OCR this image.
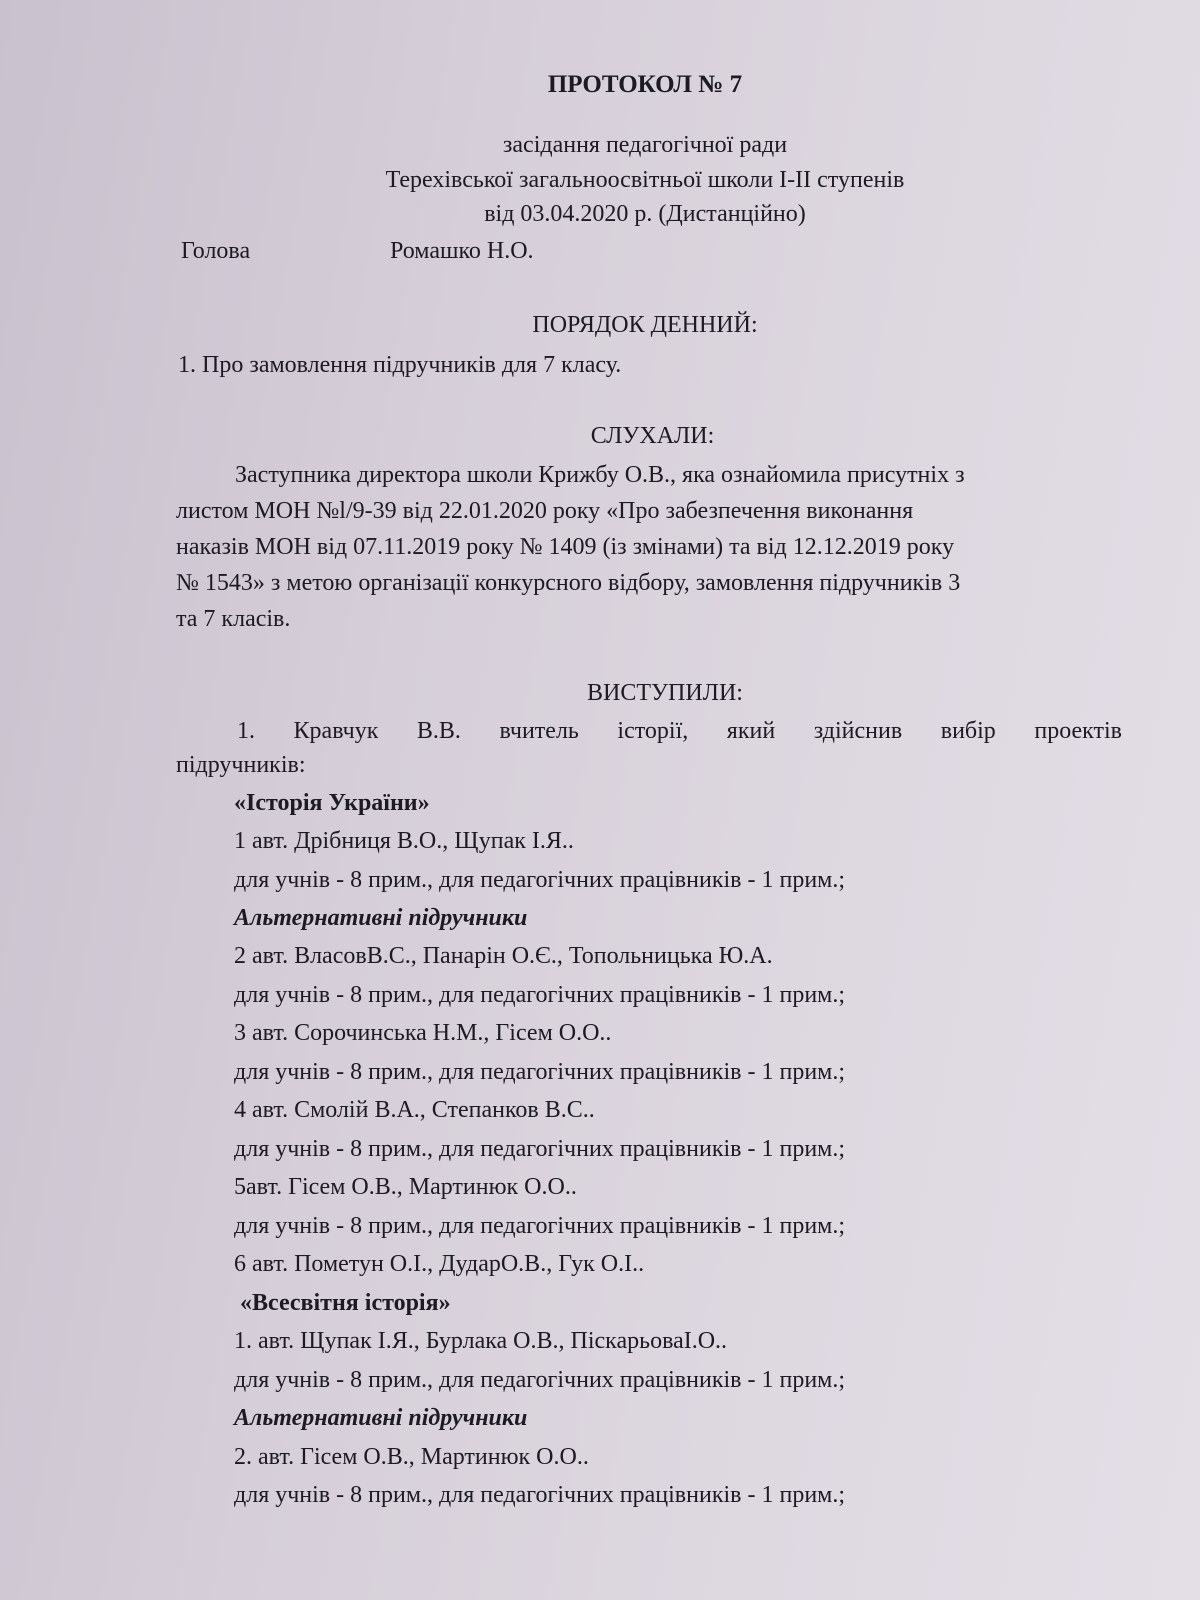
ПРОТОКОЛ № 7
засідання педагогічної ради
Терехівської загальноосвітньої школи І-ІІ ступенів
від 03.04.2020 р. (Дистанційно)
Голова	Ромашко Н.О.
ПОРЯДОК ДЕННИЙ:
1. Про замовлення підручників для 7 класу.
СЛУХАЛИ:
Заступника директора школи Крижбу О.В., яка ознайомила присутніх з
листом МОН №l/9-39 від 22.01.2020 року «Про забезпечення виконання
наказів МОН від 07.11.2019 року № 1409 (із змінами) та від 12.12.2019 року
№ 1543» з метою організації конкурсного відбору, замовлення підручників 3
та 7 класів.
ВИСТУПИЛИ:
1. Кравчук В.В. вчитель історії, який здійснив вибір проектів
підручників:
«Історія України»
1 авт. Дрібниця В.О., Щупак І.Я..
для учнів - 8 прим., для педагогічних працівників - 1 прим.;
Альтернативні підручники
2 авт. ВласовВ.С., Панарін О.Є., Топольницька Ю.А.
для учнів - 8 прим., для педагогічних працівників - 1 прим.;
3 авт. Сорочинська Н.М., Гісем О.О..
для учнів - 8 прим., для педагогічних працівників - 1 прим.;
4 авт. Смолій В.А., Степанков В.С..
для учнів - 8 прим., для педагогічних працівників - 1 прим.;
5авт. Гісем О.В., Мартинюк О.О..
для учнів - 8 прим., для педагогічних працівників - 1 прим.;
6 авт. Пометун О.І., ДударО.В., Гук О.І..
«Всесвітня історія»
1. авт. Щупак І.Я., Бурлака О.В., ПіскарьоваІ.О..
для учнів - 8 прим., для педагогічних працівників - 1 прим.;
Альтернативні підручники
2. авт. Гісем О.В., Мартинюк О.О..
для учнів - 8 прим., для педагогічних працівників - 1 прим.;
